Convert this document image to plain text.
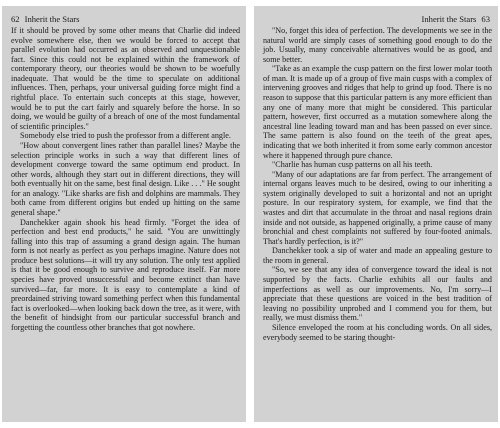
62 Inherit the Stars

If it should be proved by some other means that Charlie did indeed evolve somewhere else, then we would be forced to accept that parallel evolution had occurred as an observed and unquestionable fact. Since this could not be explained within the framework of contemporary theory, our theories would be shown to be woefully inadequate. That would be the time to speculate on additional influences. Then, perhaps, your universal guiding force might find a rightful place. To entertain such concepts at this stage, however, would be to put the cart fairly and squarely before the horse. In so doing, we would be guilty of a breach of one of the most fundamental of scientific principles."

Somebody else tried to push the professor from a different angle.

"How about convergent lines rather than parallel lines? Maybe the selection principle works in such a way that different lines of development converge toward the same optimum end product. In other words, although they start out in different directions, they will both eventually hit on the same, best final design. Like . . ." He sought for an analogy. "Like sharks are fish and dolphins are mammals. They both came from different origins but ended up hitting on the same general shape."

Danchekker again shook his head firmly. "Forget the idea of perfection and best end products," he said. "You are unwittingly falling into this trap of assuming a grand design again. The human form is not nearly as perfect as you perhaps imagine. Nature does not produce best solutions—it will try any solution. The only test applied is that it be good enough to survive and reproduce itself. Far more species have proved unsuccessful and become extinct than have survived—far, far more. It is easy to contemplate a kind of preordained striving toward something perfect when this fundamental fact is overlooked—when looking back down the tree, as it were, with the benefit of hindsight from our particular successful branch and forgetting the countless other branches that got nowhere.

Inherit the Stars 63

"No, forget this idea of perfection. The developments we see in the natural world are simply cases of something good enough to do the job. Usually, many conceivable alternatives would be as good, and some better.

"Take as an example the cusp pattern on the first lower molar tooth of man. It is made up of a group of five main cusps with a complex of intervening grooves and ridges that help to grind up food. There is no reason to suppose that this particular pattern is any more efficient than any one of many more that might be considered. This particular pattern, however, first occurred as a mutation somewhere along the ancestral line leading toward man and has been passed on ever since. The same pattern is also found on the teeth of the great apes, indicating that we both inherited it from some early common ancestor where it happened through pure chance.

"Charlie has human cusp patterns on all his teeth.

"Many of our adaptations are far from perfect. The arrangement of internal organs leaves much to be desired, owing to our inheriting a system originally developed to suit a horizontal and not an upright posture. In our respiratory system, for example, we find that the wastes and dirt that accumulate in the throat and nasal regions drain inside and not outside, as happened originally, a prime cause of many bronchial and chest complaints not suffered by four-footed animals. That's hardly perfection, is it?"

Danchekker took a sip of water and made an appealing gesture to the room in general.

"So, we see that any idea of convergence toward the ideal is not supported by the facts. Charlie exhibits all our faults and imperfections as well as our improvements. No, I'm sorry—I appreciate that these questions are voiced in the best tradition of leaving no possibility unprobed and I commend you for them, but really, we must dismiss them."

Silence enveloped the room at his concluding words. On all sides, everybody seemed to be staring thought-
